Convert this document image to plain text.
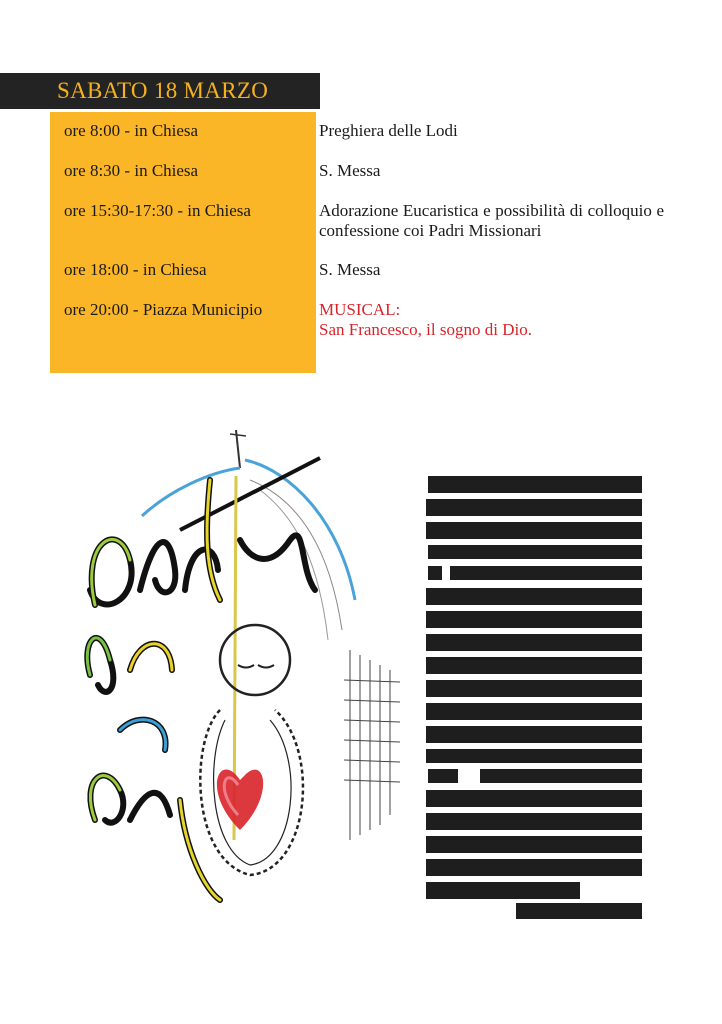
SABATO 18 MARZO
ore 8:00 - in Chiesa	Preghiera delle Lodi
ore 8:30 - in Chiesa	S. Messa
ore 15:30-17:30 - in Chiesa	Adorazione Eucaristica e possibilità di colloquio e confessione coi Padri Missionari
ore 18:00 - in Chiesa	S. Messa
ore 20:00 - Piazza Municipio	MUSICAL:
San Francesco, il sogno di Dio.
